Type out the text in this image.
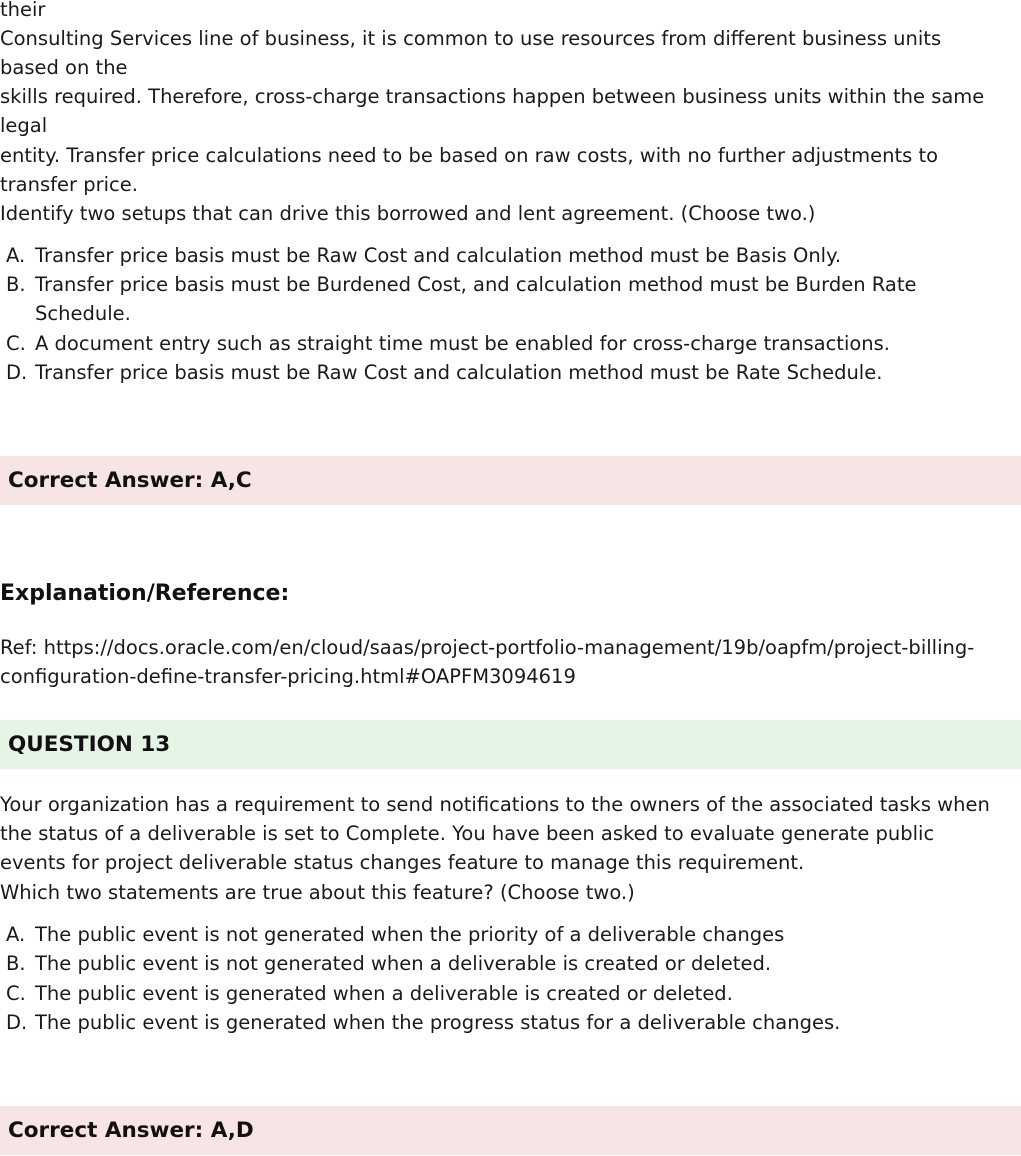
their
Consulting Services line of business, it is common to use resources from different business units
based on the
skills required. Therefore, cross-charge transactions happen between business units within the same
legal
entity. Transfer price calculations need to be based on raw costs, with no further adjustments to
transfer price.
Identify two setups that can drive this borrowed and lent agreement. (Choose two.)
A. Transfer price basis must be Raw Cost and calculation method must be Basis Only.
B. Transfer price basis must be Burdened Cost, and calculation method must be Burden Rate
Schedule.
C. A document entry such as straight time must be enabled for cross-charge transactions.
D. Transfer price basis must be Raw Cost and calculation method must be Rate Schedule.
Correct Answer: A,C
Explanation/Reference:
Ref: https://docs.oracle.com/en/cloud/saas/project-portfolio-management/19b/oapfm/project-billing-
configuration-define-transfer-pricing.html#OAPFM3094619
QUESTION 13
Your organization has a requirement to send notifications to the owners of the associated tasks when
the status of a deliverable is set to Complete. You have been asked to evaluate generate public
events for project deliverable status changes feature to manage this requirement.
Which two statements are true about this feature? (Choose two.)
A. The public event is not generated when the priority of a deliverable changes
B. The public event is not generated when a deliverable is created or deleted.
C. The public event is generated when a deliverable is created or deleted.
D. The public event is generated when the progress status for a deliverable changes.
Correct Answer: A,D
